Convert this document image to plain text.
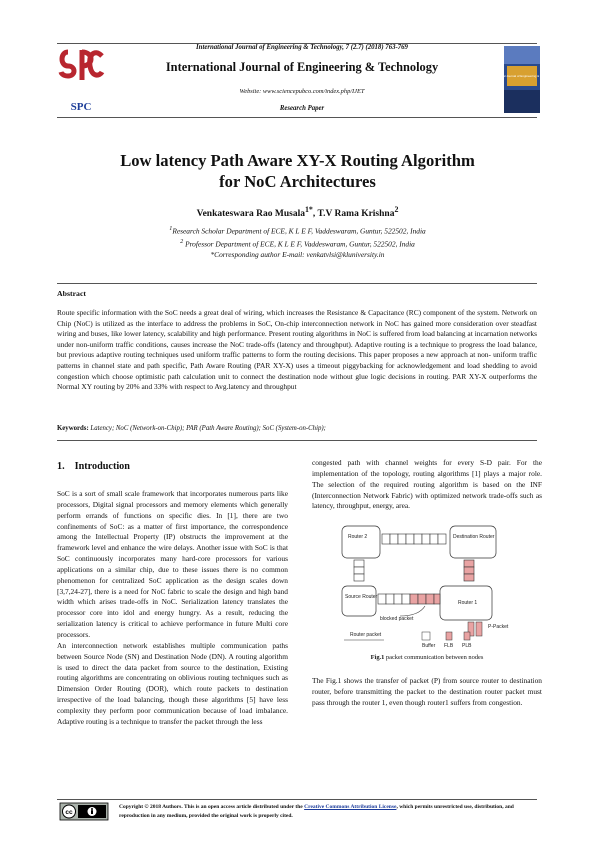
SPC
International Journal of Engineering & Technology, 7 (2.7) (2018) 763-769
International Journal of Engineering & Technology
Website: www.sciencepubco.com/index.php/IJET
Research Paper
International Journal of Engineering & Technology
Low latency Path Aware XY-X Routing Algorithm
for NoC Architectures
Venkateswara Rao Musala$^{1*}$, T.V Rama Krishna$^2$
$^1$Research Scholar Department of ECE, K L E F, Vaddeswaram, Guntur, 522502, India
$^2$ Professor Department of ECE, K L E F, Vaddeswaram, Guntur, 522502, India
*Corresponding author E-mail: venkatvlsi@kluniversity.in
Abstract
Route specific information with the SoC needs a great deal of wiring, which increases the Resistance & Capacitance (RC) component of the system. Network on Chip (NoC) is utilized as the interface to address the problems in SoC, On-chip interconnection network in NoC has gained more consideration over steadfast wiring and buses, like lower latency, scalability and high performance. Present routing algorithms in NoC is suffered from load balancing at incarnation networks under non-uniform traffic conditions, causes increase the NoC trade-offs (latency and throughput). Adaptive routing is a technique to progress the load balance, but previous adaptive routing techniques used uniform traffic patterns to form the routing decisions. This paper proposes a new approach at non- uniform traffic patterns in channel state and path specific, Path Aware Routing (PAR XY-X) uses a timeout piggybacking for acknowledgement and load shedding to avoid congestion which choose optimistic path calculation unit to connect the destination node without glue logic decisions in routing. PAR XY-X outperforms the Normal XY routing by 20% and 33% with respect to Avg.latency and throughput
Keywords: Latency; NoC (Network-on-Chip); PAR (Path Aware Routing); SoC (System-on-Chip);
1. Introduction

SoC is a sort of small scale framework that incorporates numerous parts like processors, Digital signal processors and memory elements which generally perform errands of functions on specific dies. In [1], there are two confinements of SoC: as a matter of first importance, the correspondence among the Intellectual Property (IP) obstructs the improvement at the framework level and enhance the wire delays. Another issue with SoC is that SoC continuously incorporates many hard-core processors for various applications on a similar chip, due to these issues there is no common phenomenon for centralized SoC application as the design scales down [3,7,24-27], there is a need for NoC fabric to scale the design and high band width which arises trade-offs in NoC. Serialization latency translates the processor core into idol and energy hungry. As a result, reducing the serialization latency is critical to achieve performance in future Multi core processors.

An interconnection network establishes multiple communication paths between Source Node (SN) and Destination Node (DN). A routing algorithm is used to direct the data packet from source to the destination, Existing routing algorithms are concentrating on oblivious routing techniques such as Dimension Order Routing (DOR), which route packets to destination irrespective of the load balancing, though these algorithms [5] have less complexity they perform poor communication because of load imbalance. Adaptive routing is a technique to transfer the packet through the less

congested path with channel weights for every S-D pair. For the implementation of the topology, routing algorithms [1] plays a major role. The selection of the required routing algorithm is based on the INF (Interconnection Network Fabric) with optimized network trade-offs such as latency, throughput, energy, area.

Router 2	Destination Router
Source Router
Router 1
blocked packet
Router packet
Buffer FLB PLB
P-Packet
Fig.1 packet communication between nodes

The Fig.1 shows the transfer of packet (P) from source router to destination router, before transmitting the packet to the destination router packet must pass through the router 1, even though router1 suffers from congestion.

cc
Copyright © 2018 Authors. This is an open access article distributed under the Creative Commons Attribution License, which permits unrestricted use, distribution, and reproduction in any medium, provided the original work is properly cited.
